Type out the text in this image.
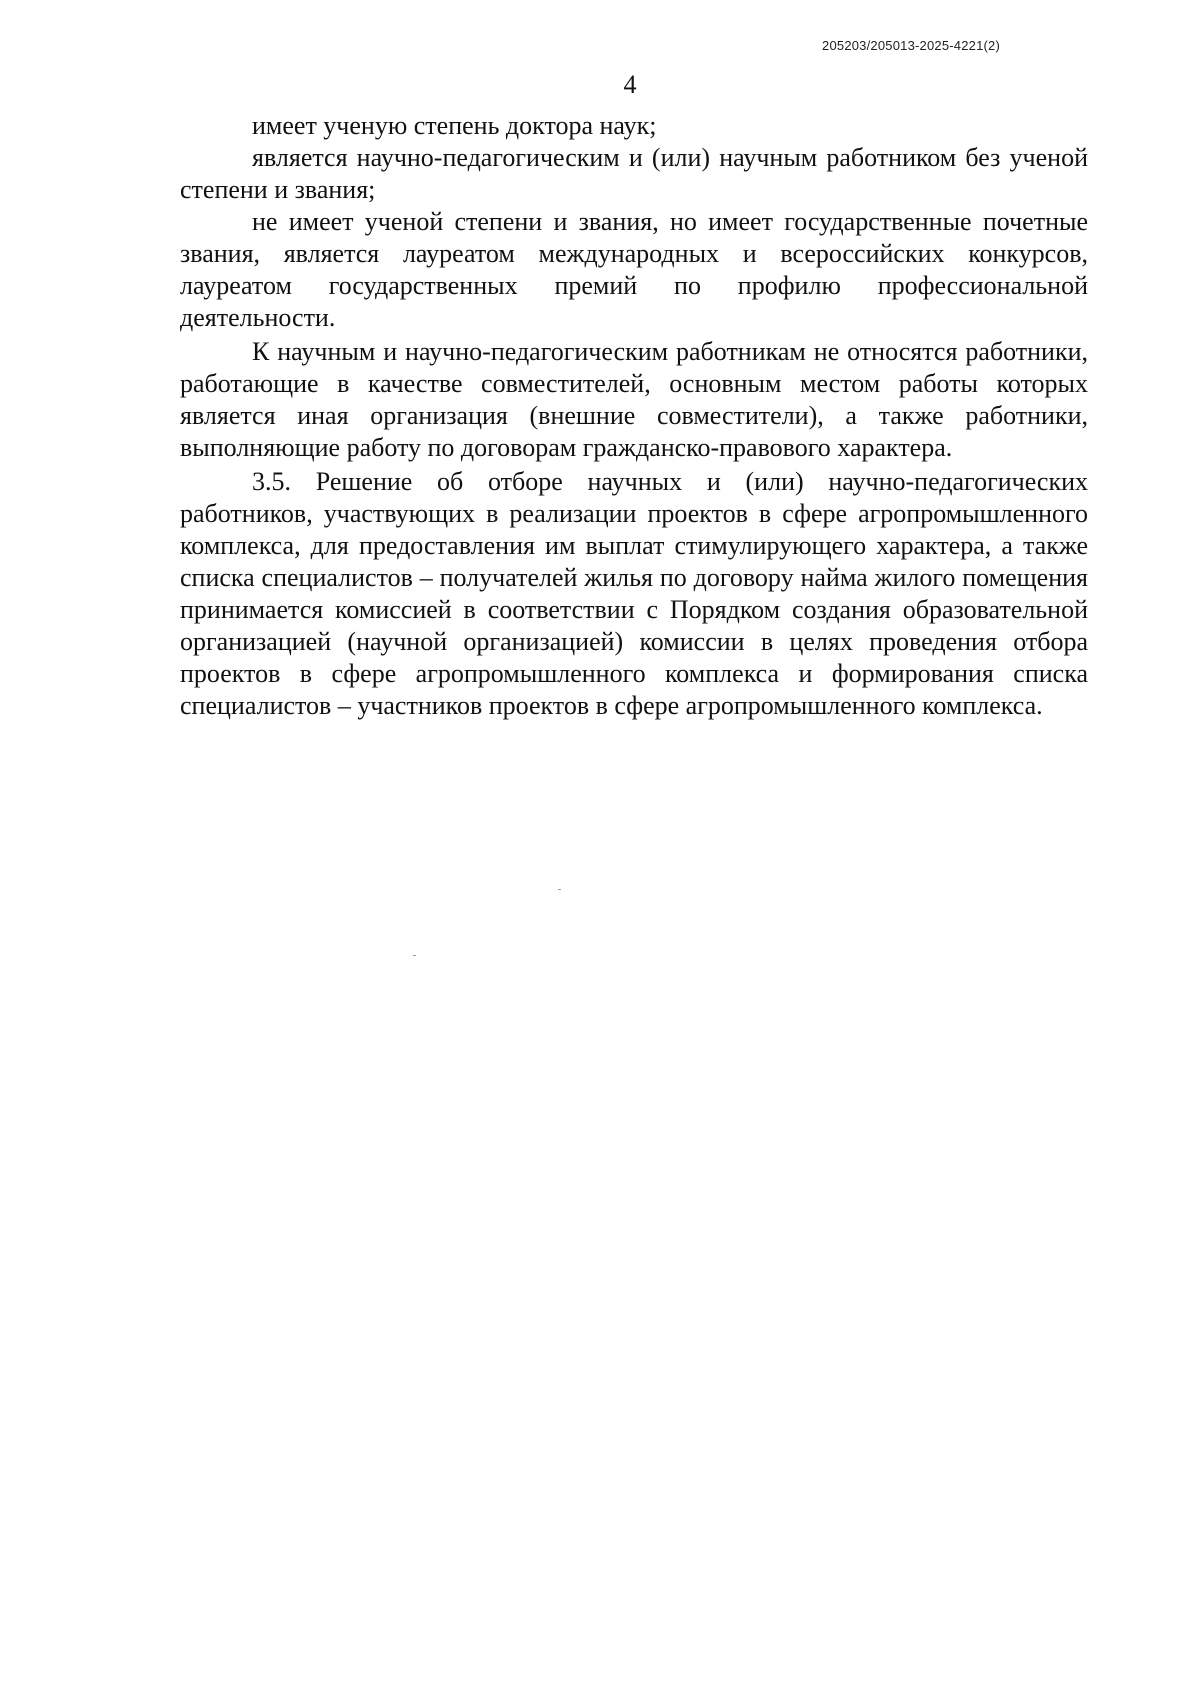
205203/205013-2025-4221(2)
4

имеет ученую степень доктора наук;

является научно-педагогическим и (или) научным работником без ученой степени и звания;

не имеет ученой степени и звания, но имеет государственные почетные звания, является лауреатом международных и всероссийских конкурсов, лауреатом государственных премий по профилю профессиональной деятельности.

К научным и научно-педагогическим работникам не относятся работники, работающие в качестве совместителей, основным местом работы которых является иная организация (внешние совместители), а также работники, выполняющие работу по договорам гражданско-правового характера.

3.5. Решение об отборе научных и (или) научно-педагогических работников, участвующих в реализации проектов в сфере агропромышленного комплекса, для предоставления им выплат стимулирующего характера, а также списка специалистов – получателей жилья по договору найма жилого помещения принимается комиссией в соответствии с Порядком создания образовательной организацией (научной организацией) комиссии в целях проведения отбора проектов в сфере агропромышленного комплекса и формирования списка специалистов – участников проектов в сфере агропромышленного комплекса.
